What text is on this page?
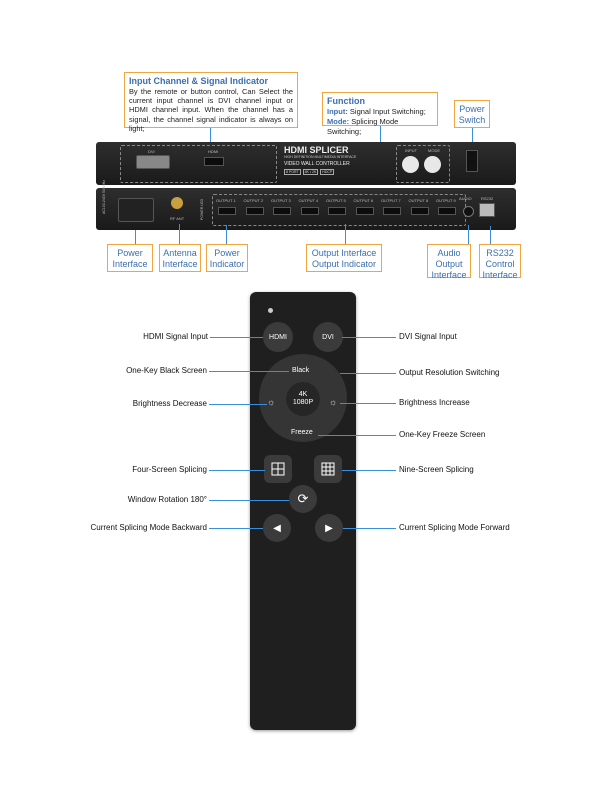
Input Channel & Signal Indicator
By the remote or button control, Can Select the current input channel is DVI channel input or HDMI channel input. When the channel has a signal, the channel signal indicator is always on light;
Function
Input: Signal Input Switching;
Mode: Splicing Mode Switching;
Power Switch
DVI	HDMI	HDMI SPLICER
HIGH DEFINITION MULTIMEDIA INTERFACE
VIDEO WALL CONTROLLER
8 PORT	4K • 2K	HDCP
INPUT	MODE
AC100-240V 50/60Hz
RF ANT	POWER LED	OUTPUT 1 OUTPUT 2 OUTPUT 3 OUTPUT 4 OUTPUT 5 OUTPUT 6 OUTPUT 7 OUTPUT 8 OUTPUT 9 AUDIO RS232
Power Interface
Antenna Interface
Power Indicator
Output Interface Output Indicator
Audio Output Interface
RS232 Control Interface
HDMI	DVI
Black
Freeze
☼	☼
4K
1080P
⟳
◀	▶
HDMI Signal Input	DVI Signal Input
One-Key Black Screen	Output Resolution Switching
Brightness Decrease	Brightness Increase
One-Key Freeze Screen
Four-Screen Splicing	Nine-Screen Splicing
Window Rotation 180°
Current Splicing Mode Backward	Current Splicing Mode Forward
